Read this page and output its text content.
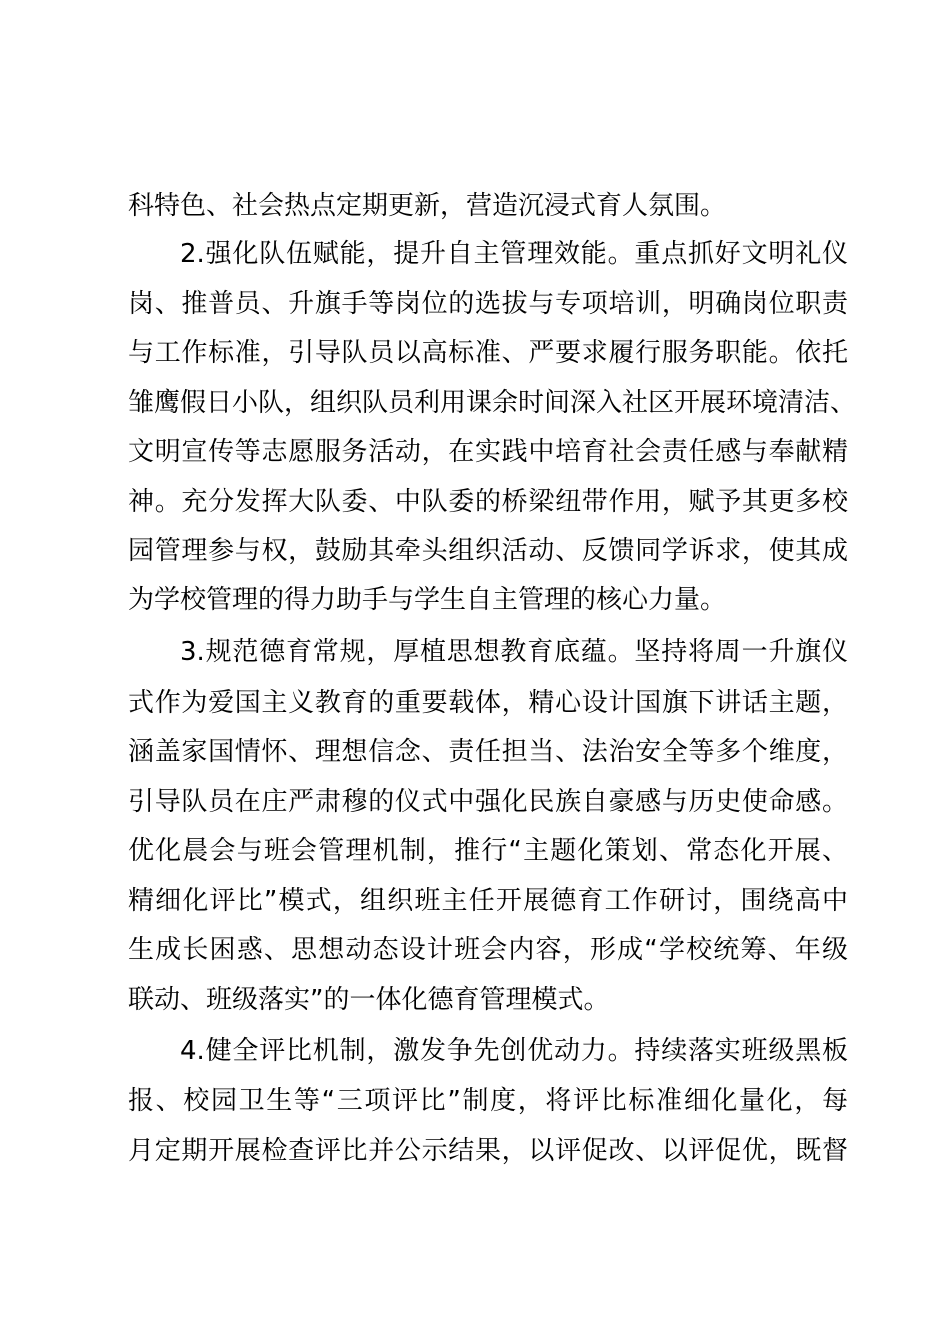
科特色、社会热点定期更新，营造沉浸式育人氛围。
2.强化队伍赋能，提升自主管理效能。重点抓好文明礼仪
岗、推普员、升旗手等岗位的选拔与专项培训，明确岗位职责
与工作标准，引导队员以高标准、严要求履行服务职能。依托
雏鹰假日小队，组织队员利用课余时间深入社区开展环境清洁、
文明宣传等志愿服务活动，在实践中培育社会责任感与奉献精
神。充分发挥大队委、中队委的桥梁纽带作用，赋予其更多校
园管理参与权，鼓励其牵头组织活动、反馈同学诉求，使其成
为学校管理的得力助手与学生自主管理的核心力量。
3.规范德育常规，厚植思想教育底蕴。坚持将周一升旗仪
式作为爱国主义教育的重要载体，精心设计国旗下讲话主题，
涵盖家国情怀、理想信念、责任担当、法治安全等多个维度，
引导队员在庄严肃穆的仪式中强化民族自豪感与历史使命感。
优化晨会与班会管理机制，推行“主题化策划、常态化开展、
精细化评比”模式，组织班主任开展德育工作研讨，围绕高中
生成长困惑、思想动态设计班会内容，形成“学校统筹、年级
联动、班级落实”的一体化德育管理模式。
4.健全评比机制，激发争先创优动力。持续落实班级黑板
报、校园卫生等“三项评比”制度，将评比标准细化量化，每
月定期开展检查评比并公示结果，以评促改、以评促优，既督
